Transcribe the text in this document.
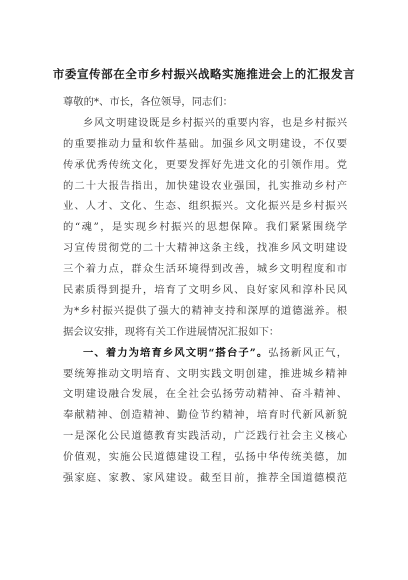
市委宣传部在全市乡村振兴战略实施推进会上的汇报发言
尊敬的*、市长，各位领导，同志们：
乡风文明建设既是乡村振兴的重要内容，也是乡村振兴
的重要推动力量和软件基础。加强乡风文明建设，不仅要
传承优秀传统文化，更要发挥好先进文化的引领作用。党
的二十大报告指出，加快建设农业强国，扎实推动乡村产
业、人才、文化、生态、组织振兴。文化振兴是乡村振兴
的“魂”，是实现乡村振兴的思想保障。我们紧紧围绕学
习宣传贯彻党的二十大精神这条主线，找准乡风文明建设
三个着力点，群众生活环境得到改善，城乡文明程度和市
民素质得到提升，培育了文明乡风、良好家风和淳朴民风
为*乡村振兴提供了强大的精神支持和深厚的道德滋养。根
据会议安排，现将有关工作进展情况汇报如下：
一、着力为培育乡风文明“搭台子”。弘扬新风正气，
要统筹推动文明培育、文明实践文明创建，推进城乡精神
文明建设融合发展，在全社会弘扬劳动精神、奋斗精神、
奉献精神、创造精神、勤俭节约精神，培育时代新风新貌
一是深化公民道德教育实践活动，广泛践行社会主义核心
价值观，实施公民道德建设工程，弘扬中华传统美德，加
强家庭、家教、家风建设。截至目前，推荐全国道德模范
